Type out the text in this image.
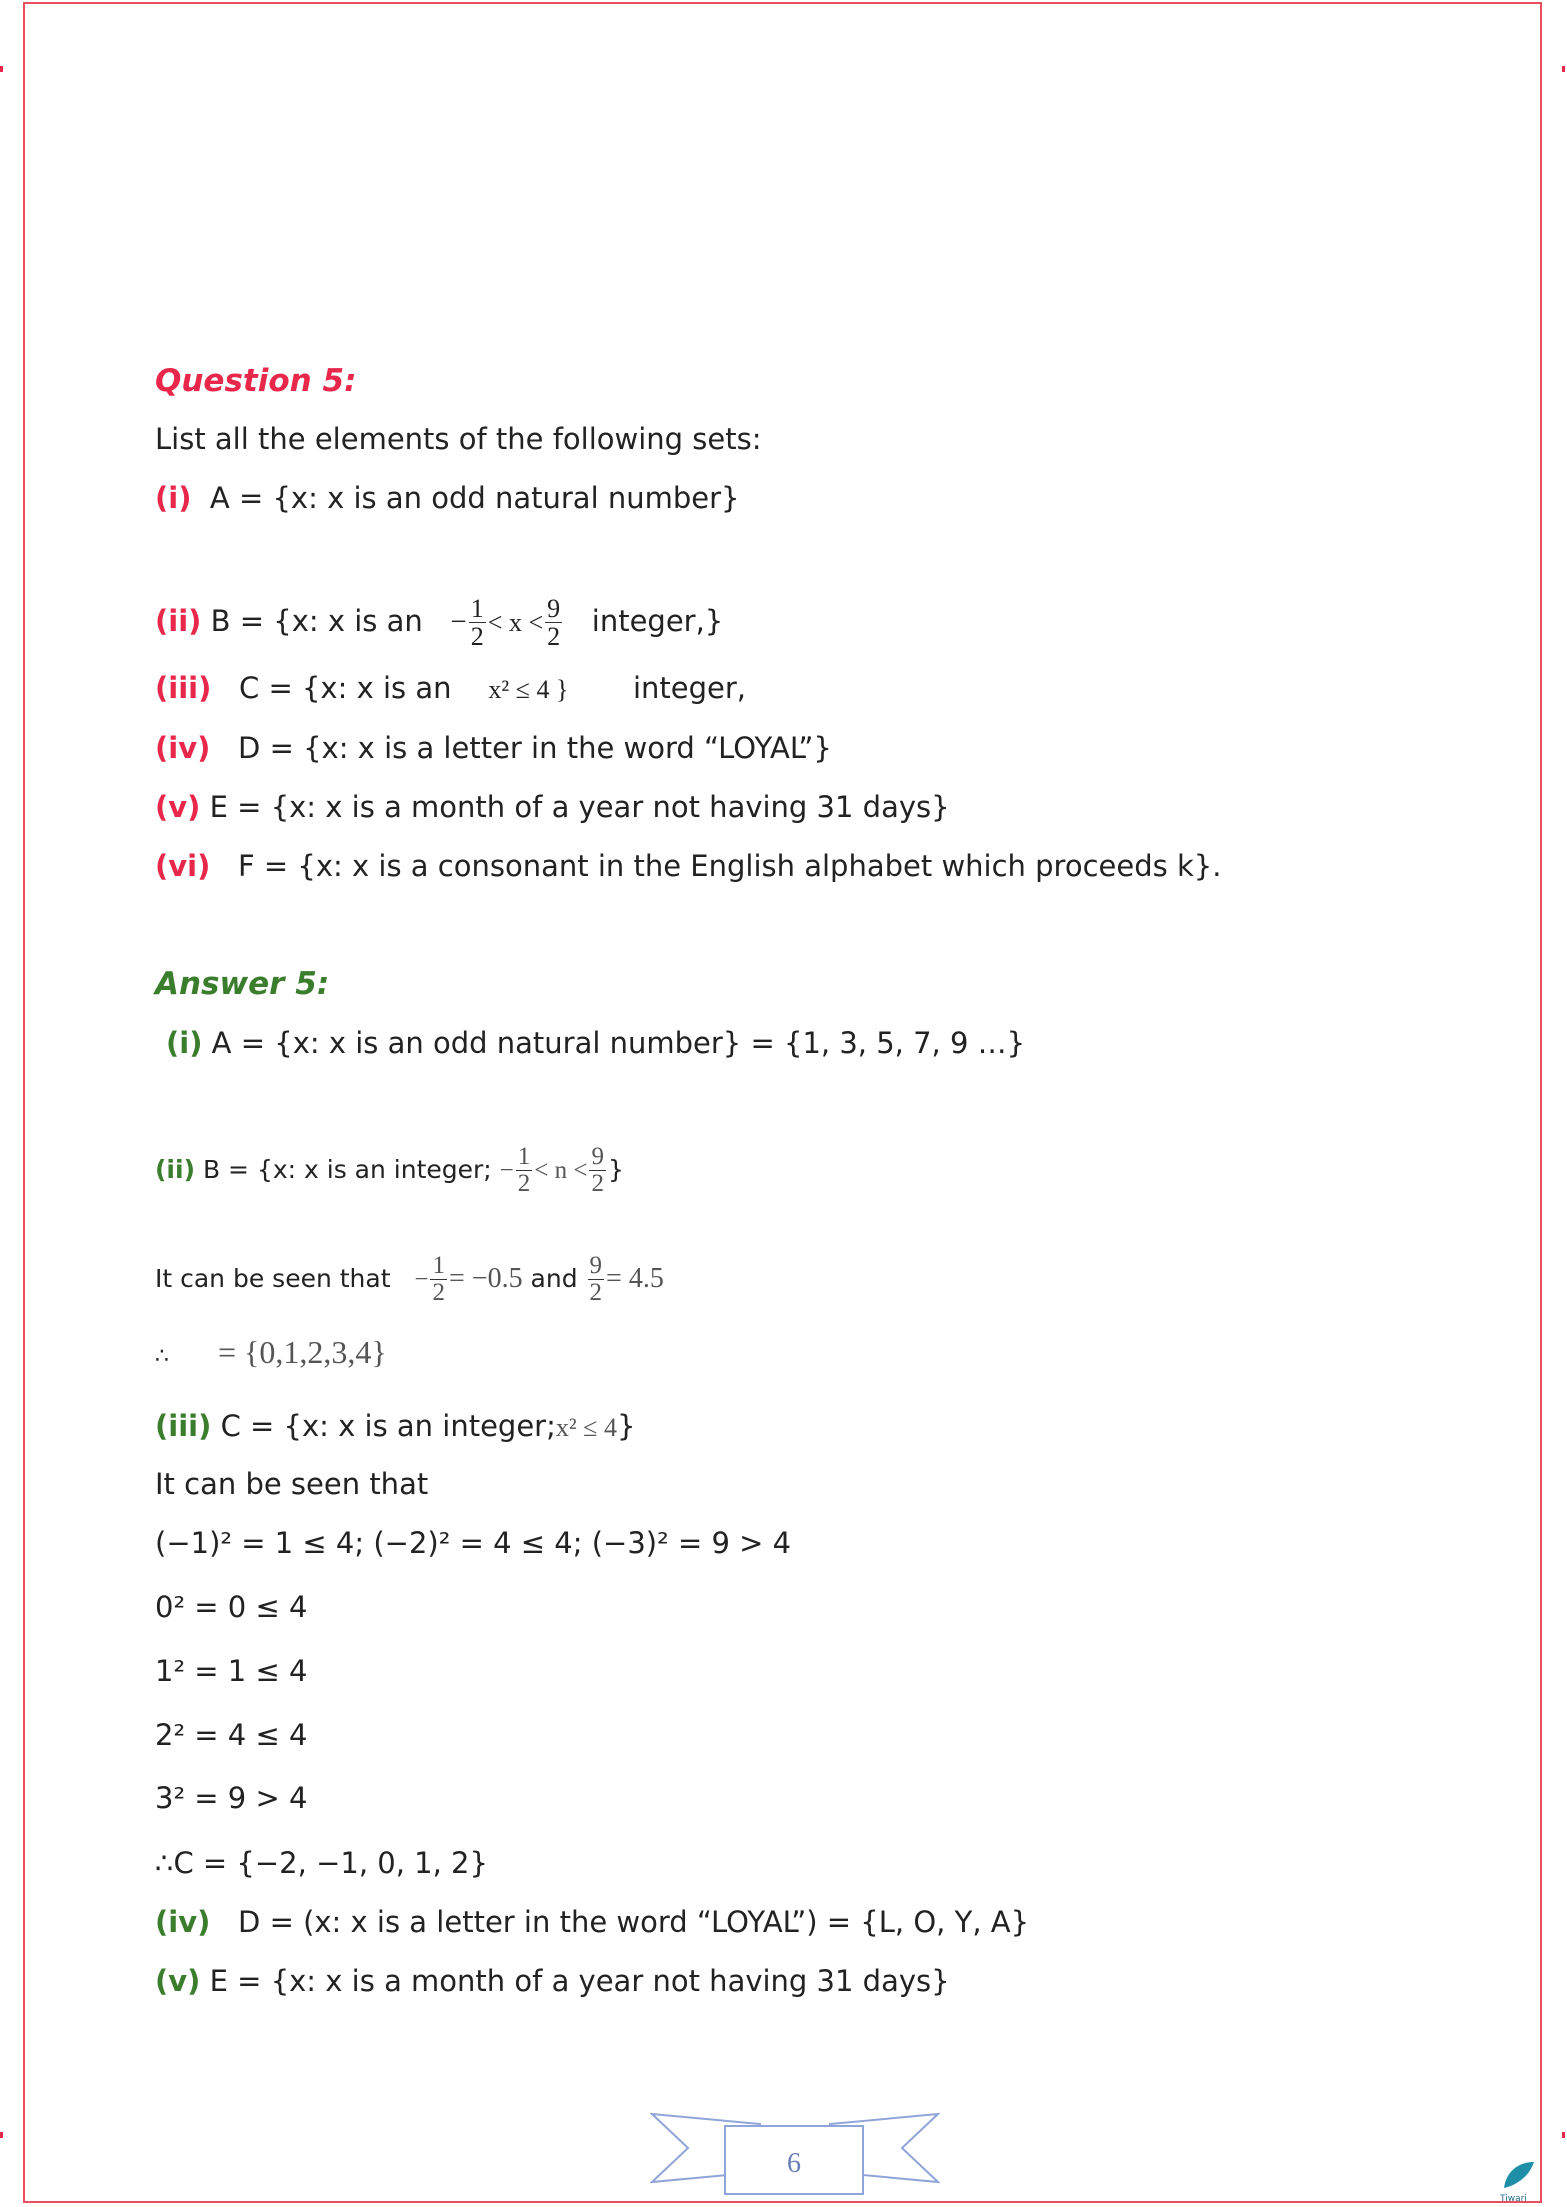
Question 5:
List all the elements of the following sets:
(i) A = {x: x is an odd natural number}
(ii) B = {x: x is an − $\frac{1}{2} < x < \frac{9}{2}$ integer,}
(iii) C = {x: x is an x² ≤ 4 } integer,
(iv) D = {x: x is a letter in the word “LOYAL”}
(v) E = {x: x is a month of a year not having 31 days}
(vi) F = {x: x is a consonant in the English alphabet which proceeds k}.
Answer 5:
(i) A = {x: x is an odd natural number} = {1, 3, 5, 7, 9 …}
(ii) B = {x: x is an integer; − $\frac{1}{2} < n < \frac{9}{2}$ }
It can be seen that − $\frac{1}{2} = -0.5$ and $\frac{9}{2} = 4.5$
∴ = {0,1,2,3,4}
(iii) C = {x: x is an integer;x² ≤ 4}
It can be seen that
(−1)² = 1 ≤ 4; (−2)² = 4 ≤ 4; (−3)² = 9 > 4
0² = 0 ≤ 4
1² = 1 ≤ 4
2² = 4 ≤ 4
3² = 9 > 4
∴C = {−2, −1, 0, 1, 2}
(iv) D = (x: x is a letter in the word “LOYAL”) = {L, O, Y, A}
(v) E = {x: x is a month of a year not having 31 days}
6
Tiwari
